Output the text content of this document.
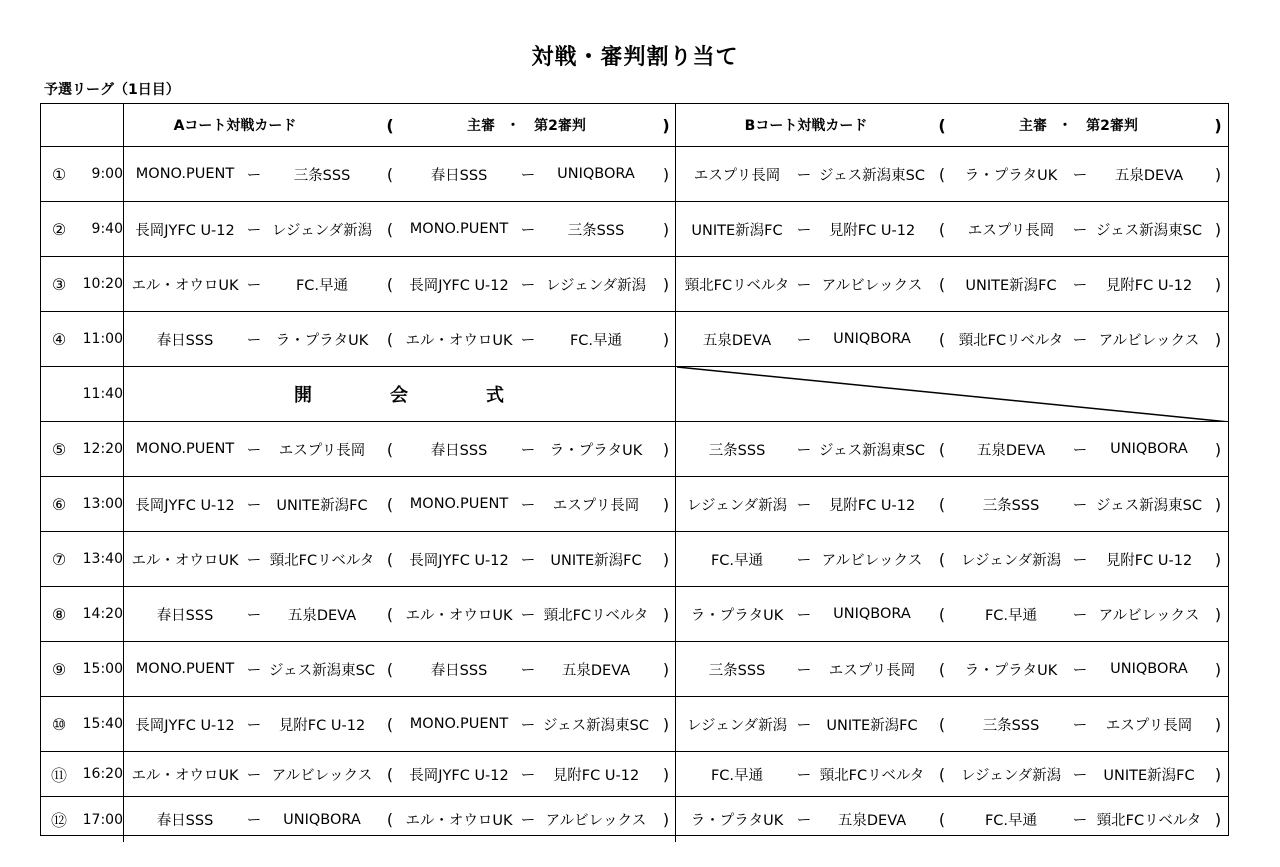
対戦・審判割り当て
予選リーグ（1日目）
Aコート対戦カード	(	主審 ・	第2審判	)	Bコート対戦カード	(	主審 ・	第2審判	)
①	9:00 MONO.PUENT ー	三条SSS	(	春日SSS	ー	UNIQBORA	)	エスプリ長岡	ー ジェス新潟東SC (	ラ・プラタUK	ー	五泉DEVA	)
②	9:40 長岡JYFC U-12 ー レジェンダ新潟 (	MONO.PUENT ー	三条SSS	)	UNITE新潟FC ー	見附FC U-12	(	エスプリ長岡	ー ジェス新潟東SC )
③	10:20 エル・オウロUK ー	FC.早通	(	長岡JYFC U-12 ー レジェンダ新潟	)	頸北FCリベルタ ー アルビレックス	(	UNITE新潟FC	ー	見附FC U-12	)
④	11:00	春日SSS	ー	ラ・プラタUK	( エル・オウロUK ー	FC.早通	)	五泉DEVA	ー	UNIQBORA	( 頸北FCリベルタ ー アルビレックス )
11:40	開	会	式
⑤	12:20 MONO.PUENT ー	エスプリ長岡	(	春日SSS	ー	ラ・プラタUK	)	三条SSS	ー ジェス新潟東SC (	五泉DEVA	ー	UNIQBORA	)
⑥	13:00 長岡JYFC U-12 ー	UNITE新潟FC	(	MONO.PUENT ー	エスプリ長岡	)	レジェンダ新潟 ー	見附FC U-12	(	三条SSS	ー ジェス新潟東SC )
⑦	13:40 エル・オウロUK ー 頸北FCリベルタ (	長岡JYFC U-12 ー	UNITE新潟FC	)	FC.早通	ー アルビレックス	(	レジェンダ新潟 ー	見附FC U-12	)
⑧	14:20	春日SSS	ー	五泉DEVA	( エル・オウロUK ー 頸北FCリベルタ )	ラ・プラタUK ー	UNIQBORA	(	FC.早通	ー アルビレックス )
⑨	15:00 MONO.PUENT ー ジェス新潟東SC (	春日SSS	ー	五泉DEVA	)	三条SSS	ー	エスプリ長岡	(	ラ・プラタUK	ー	UNIQBORA	)
⑩	15:40 長岡JYFC U-12 ー	見附FC U-12	(	MONO.PUENT ー ジェス新潟東SC )	レジェンダ新潟 ー	UNITE新潟FC	(	三条SSS	ー	エスプリ長岡	)
⑪	16:20 エル・オウロUK ー アルビレックス (	長岡JYFC U-12 ー	見附FC U-12	)	FC.早通	ー 頸北FCリベルタ (	レジェンダ新潟 ー	UNITE新潟FC	)
⑫	17:00	春日SSS	ー	UNIQBORA	( エル・オウロUK ー アルビレックス	)	ラ・プラタUK ー	五泉DEVA	(	FC.早通	ー 頸北FCリベルタ )
